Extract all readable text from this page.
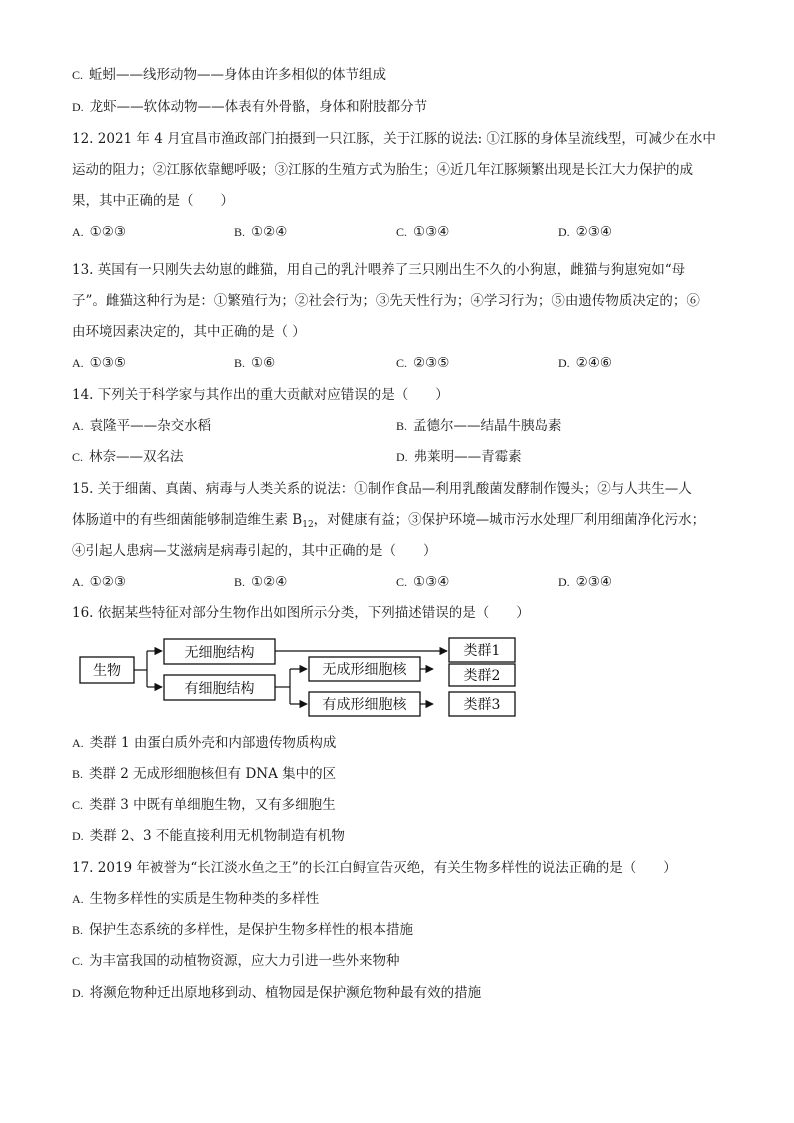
C. 蚯蚓——线形动物——身体由许多相似的体节组成
D. 龙虾——软体动物——体表有外骨骼，身体和附肢都分节
12. 2021 年 4 月宜昌市渔政部门拍摄到一只江豚，关于江豚的说法: ①江豚的身体呈流线型，可减少在水中
运动的阻力；②江豚依靠鳃呼吸；③江豚的生殖方式为胎生；④近几年江豚频繁出现是长江大力保护的成
果，其中正确的是（　　）
A. ①②③	B. ①②④	C. ①③④	D. ②③④
13. 英国有一只刚失去幼崽的雌猫，用自己的乳汁喂养了三只刚出生不久的小狗崽，雌猫与狗崽宛如“母
子”。雌猫这种行为是：①繁殖行为；②社会行为；③先天性行为；④学习行为；⑤由遗传物质决定的；⑥
由环境因素决定的，其中正确的是（ ）
A. ①③⑤	B. ①⑥	C. ②③⑤	D. ②④⑥
14. 下列关于科学家与其作出的重大贡献对应错误的是（　　）
A. 袁隆平——杂交水稻	B. 孟德尔——结晶牛胰岛素
C. 林奈——双名法	D. 弗莱明——青霉素
15. 关于细菌、真菌、病毒与人类关系的说法：①制作食品—利用乳酸菌发酵制作馒头；②与人共生—人
体肠道中的有些细菌能够制造维生素 $B_{12}$，对健康有益；③保护环境—城市污水处理厂利用细菌净化污水；
④引起人患病—艾滋病是病毒引起的，其中正确的是（　　）
A. ①②③	B. ①②④	C. ①③④	D. ②③④
16. 依据某些特征对部分生物作出如图所示分类，下列描述错误的是（　　）
生物
无细胞结构
有细胞结构
无成形细胞核
有成形细胞核
类群1
类群2
类群3
A. 类群 1 由蛋白质外壳和内部遗传物质构成
B. 类群 2 无成形细胞核但有 DNA 集中的区
C. 类群 3 中既有单细胞生物，又有多细胞生
D. 类群 2、3 不能直接利用无机物制造有机物
17. 2019 年被誉为“长江淡水鱼之王”的长江白鲟宣告灭绝，有关生物多样性的说法正确的是（　　）
A. 生物多样性的实质是生物种类的多样性
B. 保护生态系统的多样性，是保护生物多样性的根本措施
C. 为丰富我国的动植物资源，应大力引进一些外来物种
D. 将濒危物种迁出原地移到动、植物园是保护濒危物种最有效的措施
